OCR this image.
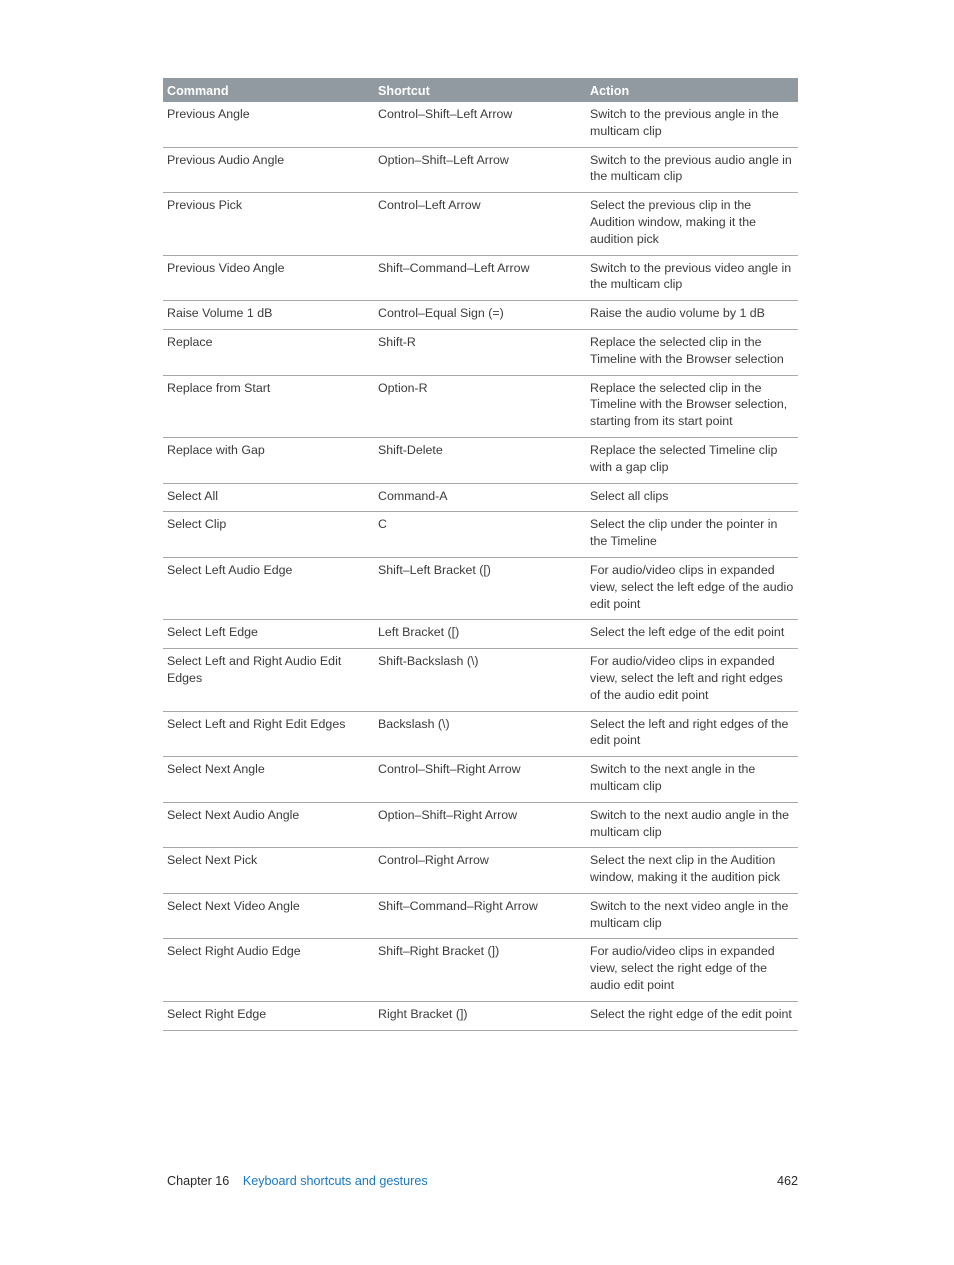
Command	Shortcut	Action
Previous Angle	Control–Shift–Left Arrow	Switch to the previous angle in the multicam clip
Previous Audio Angle	Option–Shift–Left Arrow	Switch to the previous audio angle in the multicam clip
Previous Pick	Control–Left Arrow	Select the previous clip in the Audition window, making it the audition pick
Previous Video Angle	Shift–Command–Left Arrow	Switch to the previous video angle in the multicam clip
Raise Volume 1 dB	Control–Equal Sign (=)	Raise the audio volume by 1 dB
Replace	Shift-R	Replace the selected clip in the Timeline with the Browser selection
Replace from Start	Option-R	Replace the selected clip in the Timeline with the Browser selection, starting from its start point
Replace with Gap	Shift-Delete	Replace the selected Timeline clip with a gap clip
Select All	Command-A	Select all clips
Select Clip	C	Select the clip under the pointer in the Timeline
Select Left Audio Edge	Shift–Left Bracket ([)	For audio/video clips in expanded view, select the left edge of the audio edit point
Select Left Edge	Left Bracket ([)	Select the left edge of the edit point
Select Left and Right Audio Edit Edges	Shift-Backslash (\)	For audio/video clips in expanded view, select the left and right edges of the audio edit point
Select Left and Right Edit Edges	Backslash (\)	Select the left and right edges of the edit point
Select Next Angle	Control–Shift–Right Arrow	Switch to the next angle in the multicam clip
Select Next Audio Angle	Option–Shift–Right Arrow	Switch to the next audio angle in the multicam clip
Select Next Pick	Control–Right Arrow	Select the next clip in the Audition window, making it the audition pick
Select Next Video Angle	Shift–Command–Right Arrow	Switch to the next video angle in the multicam clip
Select Right Audio Edge	Shift–Right Bracket (])	For audio/video clips in expanded view, select the right edge of the audio edit point
Select Right Edge	Right Bracket (])	Select the right edge of the edit point
Chapter 16 Keyboard shortcuts and gestures	462
